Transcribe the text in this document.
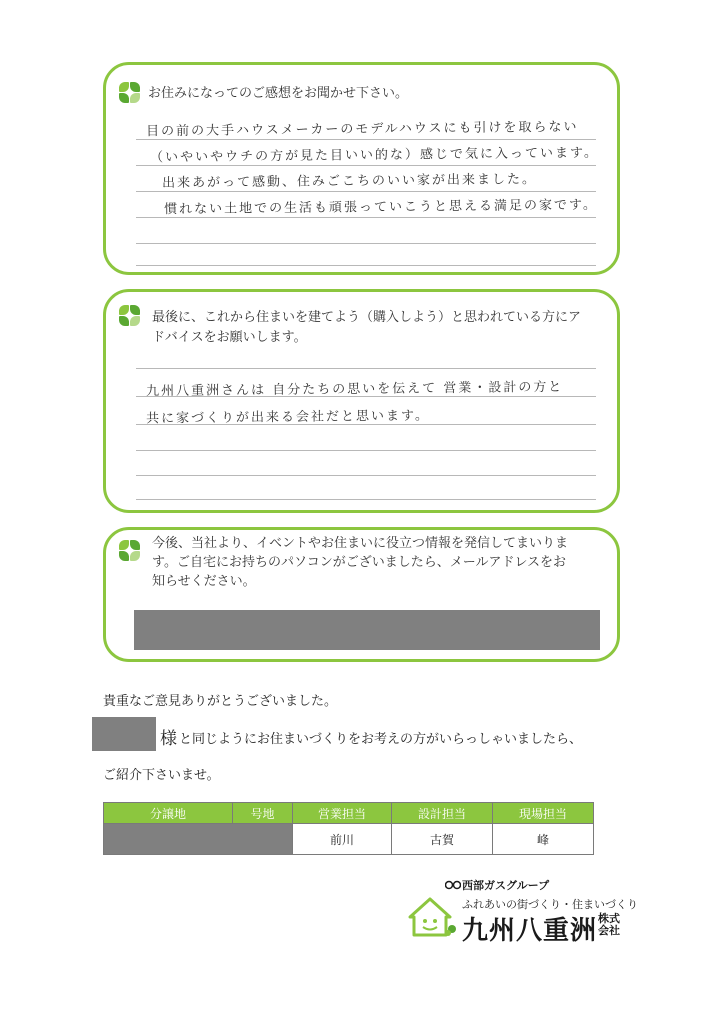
お住みになってのご感想をお聞かせ下さい。
目の前の大手ハウスメーカーのモデルハウスにも引けを取らない
（いやいやウチの方が見た目いい的な）感じで気に入っています。
出来あがって感動、住みごこちのいい家が出来ました。
慣れない土地での生活も頑張っていこうと思える満足の家です。
最後に、これから住まいを建てよう（購入しよう）と思われている方にアドバイスをお願いします。
九州八重洲さんは 自分たちの思いを伝えて 営業・設計の方と
共に家づくりが出来る会社だと思います。
今後、当社より、イベントやお住まいに役立つ情報を発信してまいります。ご自宅にお持ちのパソコンがございましたら、メールアドレスをお知らせください。
貴重なご意見ありがとうございました。
様 と同じようにお住まいづくりをお考えの方がいらっしゃいましたら、
ご紹介下さいませ。
分譲地	号地	営業担当	設計担当	現場担当
		前川	古賀	峰
西部ガスグループ
ふれあいの街づくり・住まいづくり
九州八重洲 株式会社
